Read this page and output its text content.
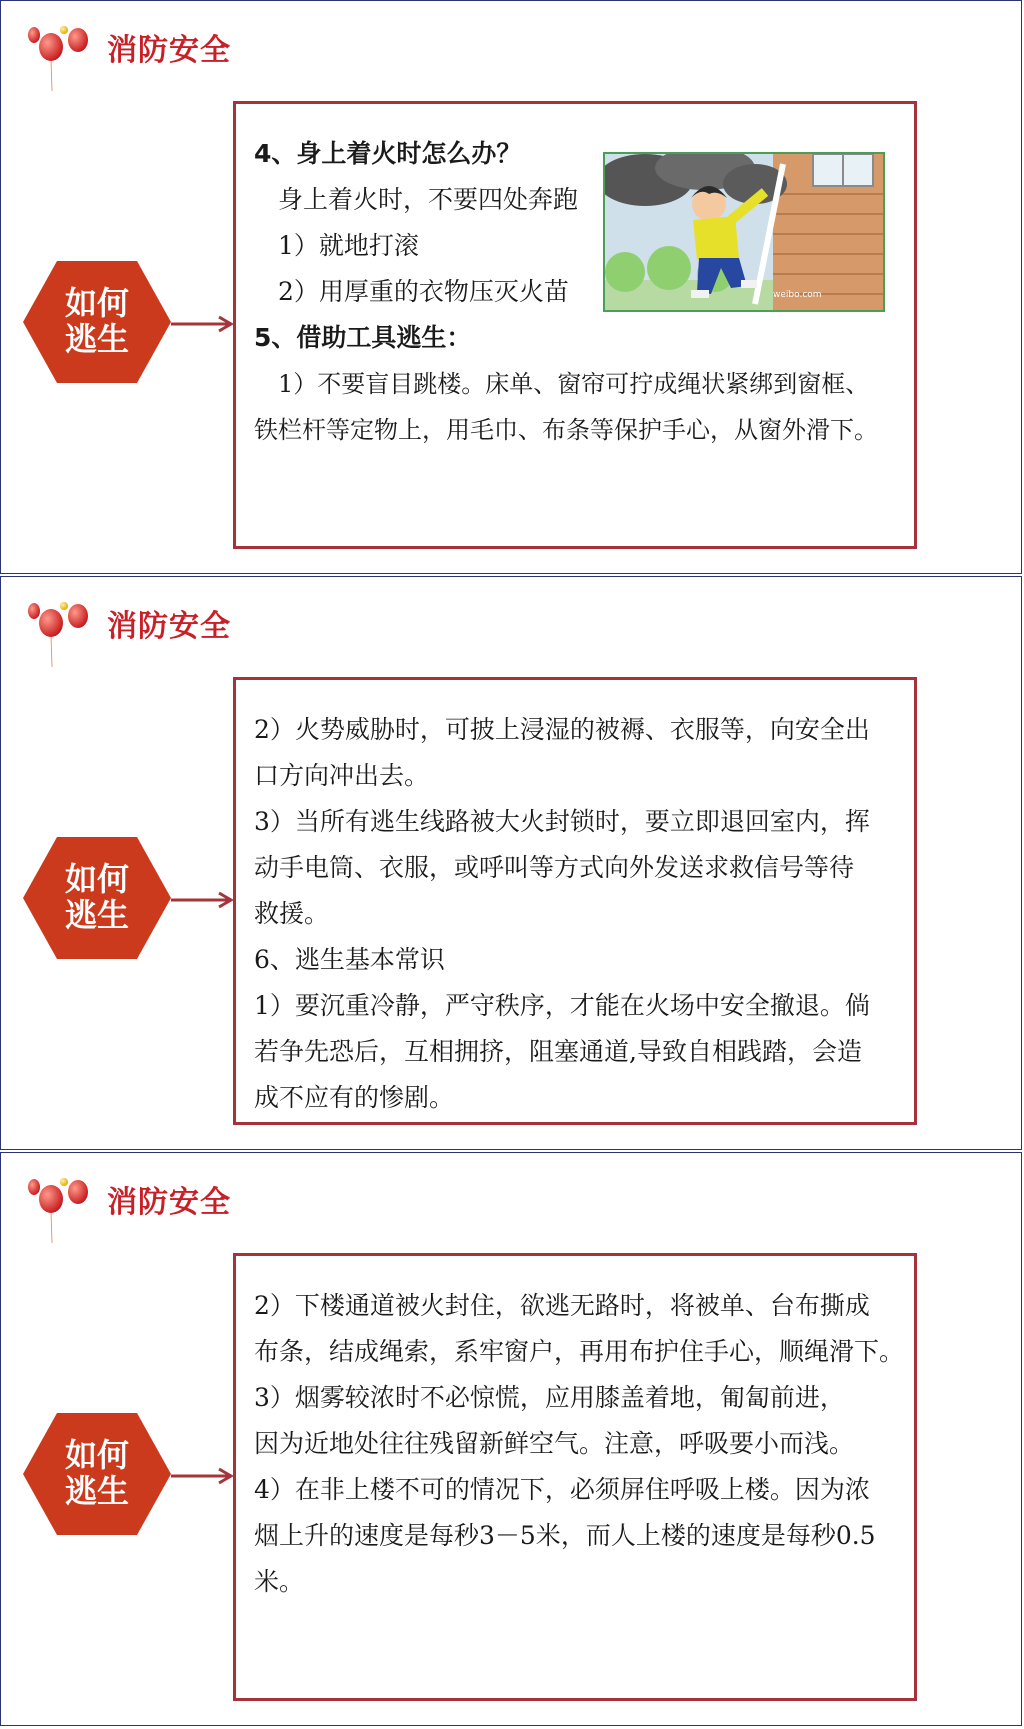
消防安全
如何
逃生

4、身上着火时怎么办？

身上着火时，不要四处奔跑

1）就地打滚

2）用厚重的衣物压灭火苗

5、借助工具逃生：

1）不要盲目跳楼。床单、窗帘可拧成绳状紧绑到窗框、

铁栏杆等定物上，用毛巾、布条等保护手心，从窗外滑下。

weibo.com
消防安全
如何
逃生

2）火势威胁时，可披上浸湿的被褥、衣服等，向安全出

口方向冲出去。

3）当所有逃生线路被大火封锁时，要立即退回室内，挥

动手电筒、衣服，或呼叫等方式向外发送求救信号等待

救援。

6、逃生基本常识

1）要沉重冷静，严守秩序，才能在火场中安全撤退。倘

若争先恐后，互相拥挤，阻塞通道,导致自相践踏，会造

成不应有的惨剧。

消防安全
如何
逃生

2）下楼通道被火封住，欲逃无路时，将被单、台布撕成

布条，结成绳索，系牢窗户，再用布护住手心，顺绳滑下。

3）烟雾较浓时不必惊慌，应用膝盖着地，匍匐前进，

因为近地处往往残留新鲜空气。注意，呼吸要小而浅。

4）在非上楼不可的情况下，必须屏住呼吸上楼。因为浓

烟上升的速度是每秒3－5米，而人上楼的速度是每秒0.5

米。
